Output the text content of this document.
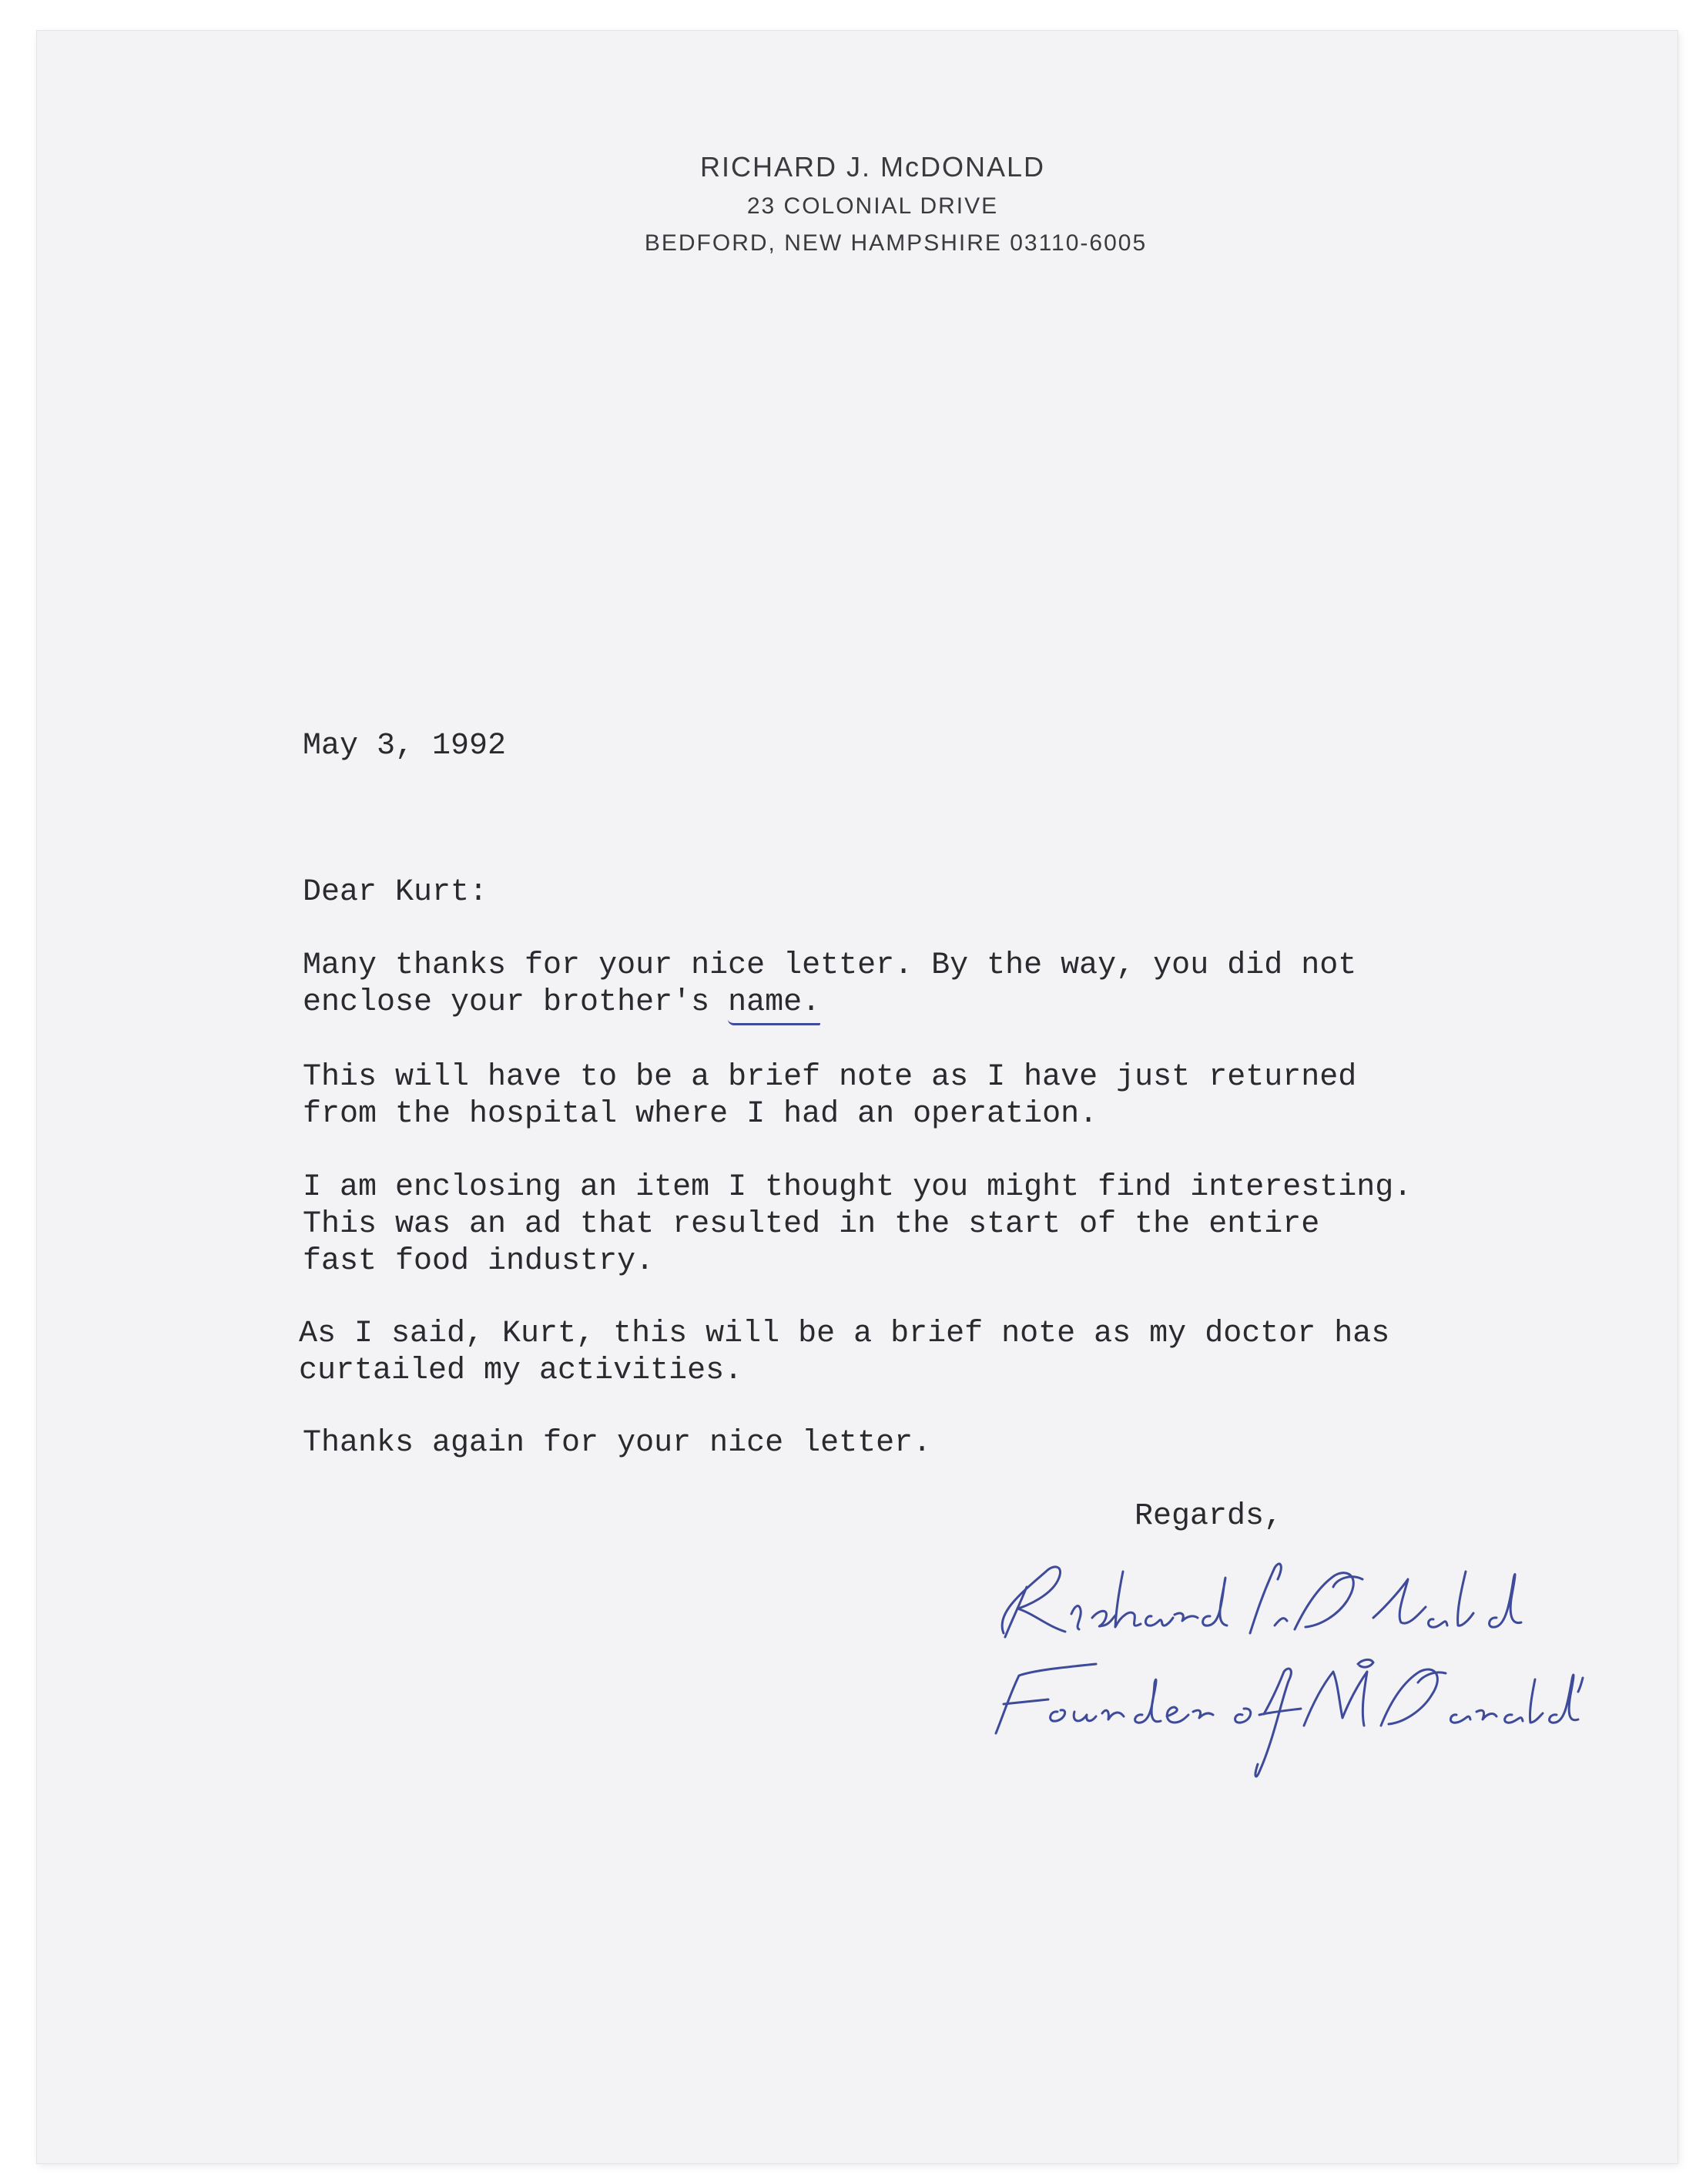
RICHARD J. McDONALD
23 COLONIAL DRIVE
BEDFORD, NEW HAMPSHIRE 03110-6005
May 3, 1992
Dear Kurt:
Many thanks for your nice letter. By the way, you did not
enclose your brother's name.
This will have to be a brief note as I have just returned
from the hospital where I had an operation.
I am enclosing an item I thought you might find interesting.
This was an ad that resulted in the start of the entire
fast food industry.
As I said, Kurt, this will be a brief note as my doctor has
curtailed my activities.
Thanks again for your nice letter.
Regards,
